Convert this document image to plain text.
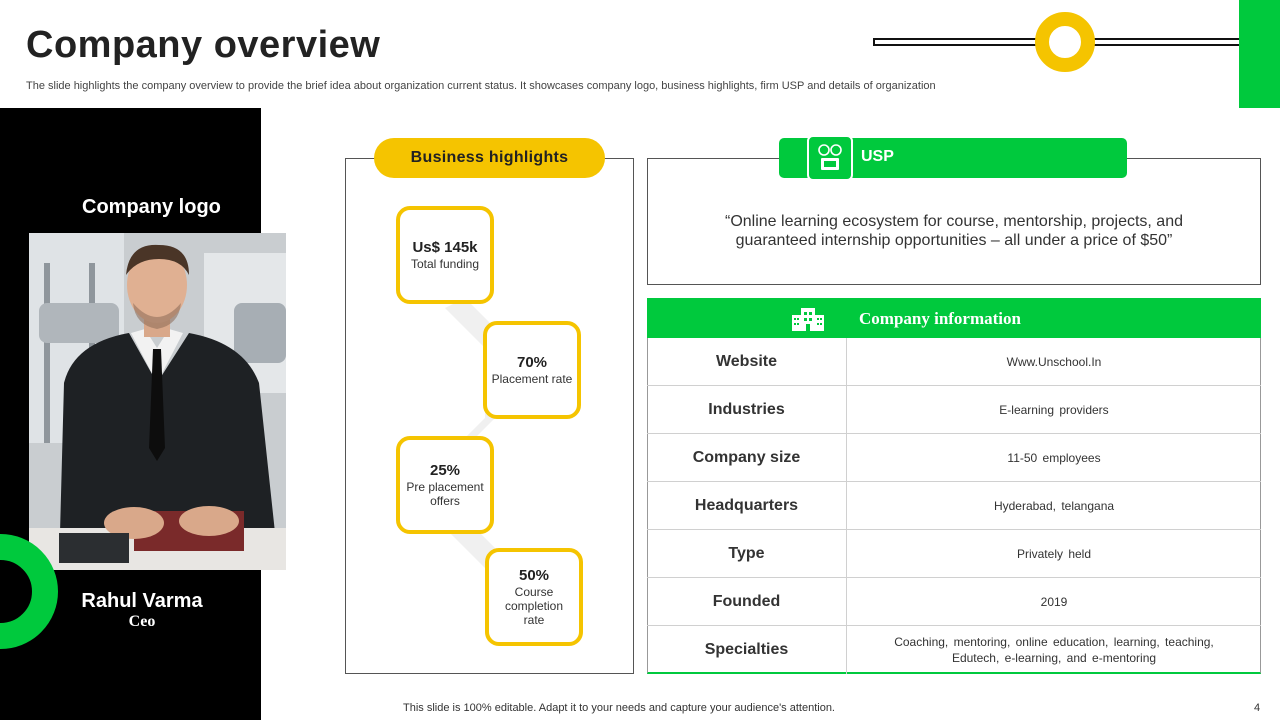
Company overview
The slide highlights the company overview to provide the brief idea about organization current status. It showcases company logo, business highlights, firm USP and details of organization
Company logo
Rahul Varma
Ceo
Business highlights
Us$ 145k
Total funding
70%
Placement rate
25%
Pre placement offers
50%
Course completion rate
USP
“Online learning ecosystem for course, mentorship, projects, and guaranteed internship opportunities – all under a price of $50”
Company information
Website	Www.Unschool.In
Industries	E-learning providers
Company size	11-50 employees
Headquarters	Hyderabad, telangana
Type	Privately held
Founded	2019
Specialties	Coaching, mentoring, online education, learning, teaching, Edutech, e-learning, and e-mentoring
This slide is 100% editable. Adapt it to your needs and capture your audience's attention.	4
